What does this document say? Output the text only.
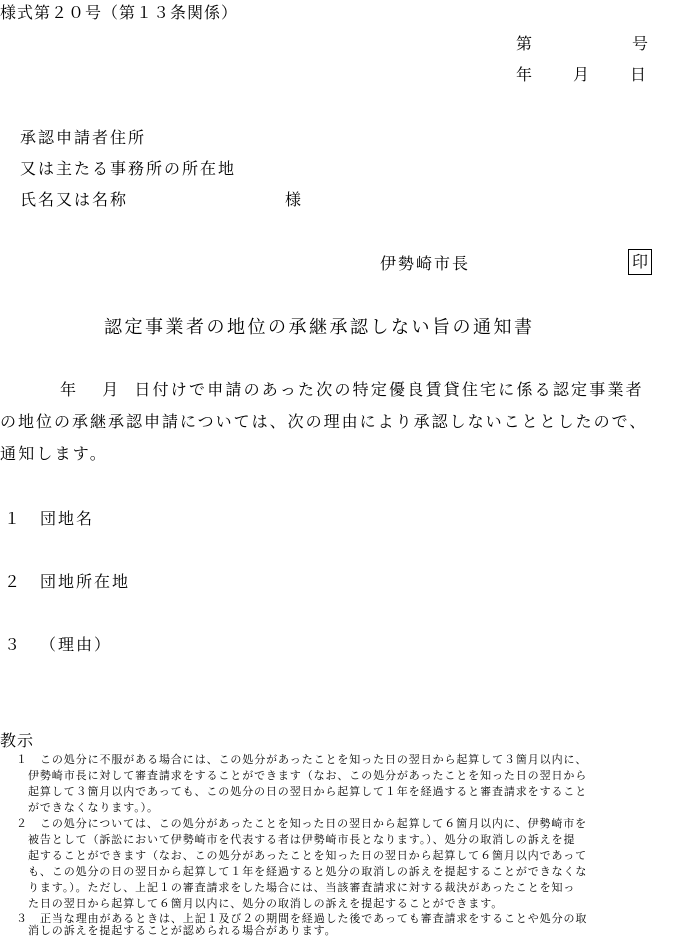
様式第２０号（第１３条関係）
第	号
年	月	日
承認申請者住所
又は主たる事務所の所在地
氏名又は名称	様
伊勢崎市長	印
認定事業者の地位の承継承認しない旨の通知書
年 月 日付けで申請のあった次の特定優良賃貸住宅に係る認定事業者
の地位の承継承認申請については、次の理由により承認しないこととしたので、
通知します。
１ 団地名
２ 団地所在地
３ （理由）
教示
１ この処分に不服がある場合には、この処分があったことを知った日の翌日から起算して３箇月以内に、
伊勢崎市長に対して審査請求をすることができます（なお、この処分があったことを知った日の翌日から
起算して３箇月以内であっても、この処分の日の翌日から起算して１年を経過すると審査請求をすること
ができなくなります。）。
２ この処分については、この処分があったことを知った日の翌日から起算して６箇月以内に、伊勢崎市を
被告として（訴訟において伊勢崎市を代表する者は伊勢崎市長となります。）、処分の取消しの訴えを提
起することができます（なお、この処分があったことを知った日の翌日から起算して６箇月以内であって
も、この処分の日の翌日から起算して１年を経過すると処分の取消しの訴えを提起することができなくな
ります。）。ただし、上記１の審査請求をした場合には、当該審査請求に対する裁決があったことを知っ
た日の翌日から起算して６箇月以内に、処分の取消しの訴えを提起することができます。
３ 正当な理由があるときは、上記１及び２の期間を経過した後であっても審査請求をすることや処分の取
消しの訴えを提起することが認められる場合があります。
